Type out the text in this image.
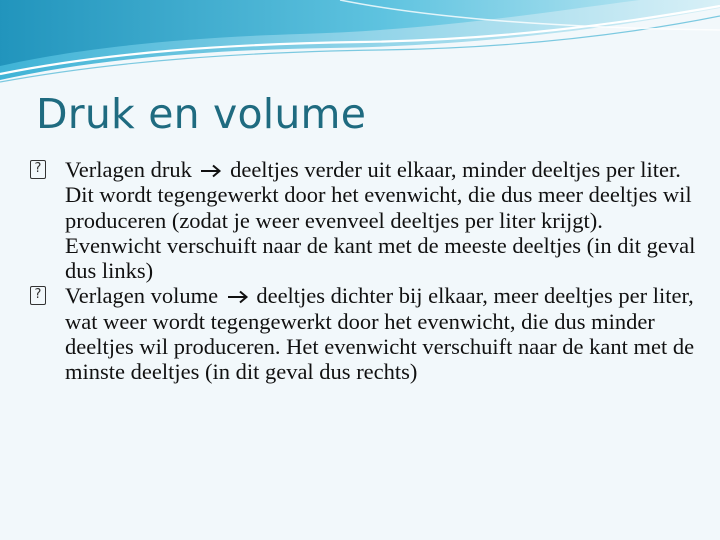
Druk en volume

? Verlagen druk deeltjes verder uit elkaar, minder deeltjes per liter. Dit wordt tegengewerkt door het evenwicht, die dus meer deeltjes wil produceren (zodat je weer evenveel deeltjes per liter krijgt). Evenwicht verschuift naar de kant met de meeste deeltjes (in dit geval dus links)

? Verlagen volume deeltjes dichter bij elkaar, meer deeltjes per liter, wat weer wordt tegengewerkt door het evenwicht, die dus minder deeltjes wil produceren. Het evenwicht verschuift naar de kant met de minste deeltjes (in dit geval dus rechts)
